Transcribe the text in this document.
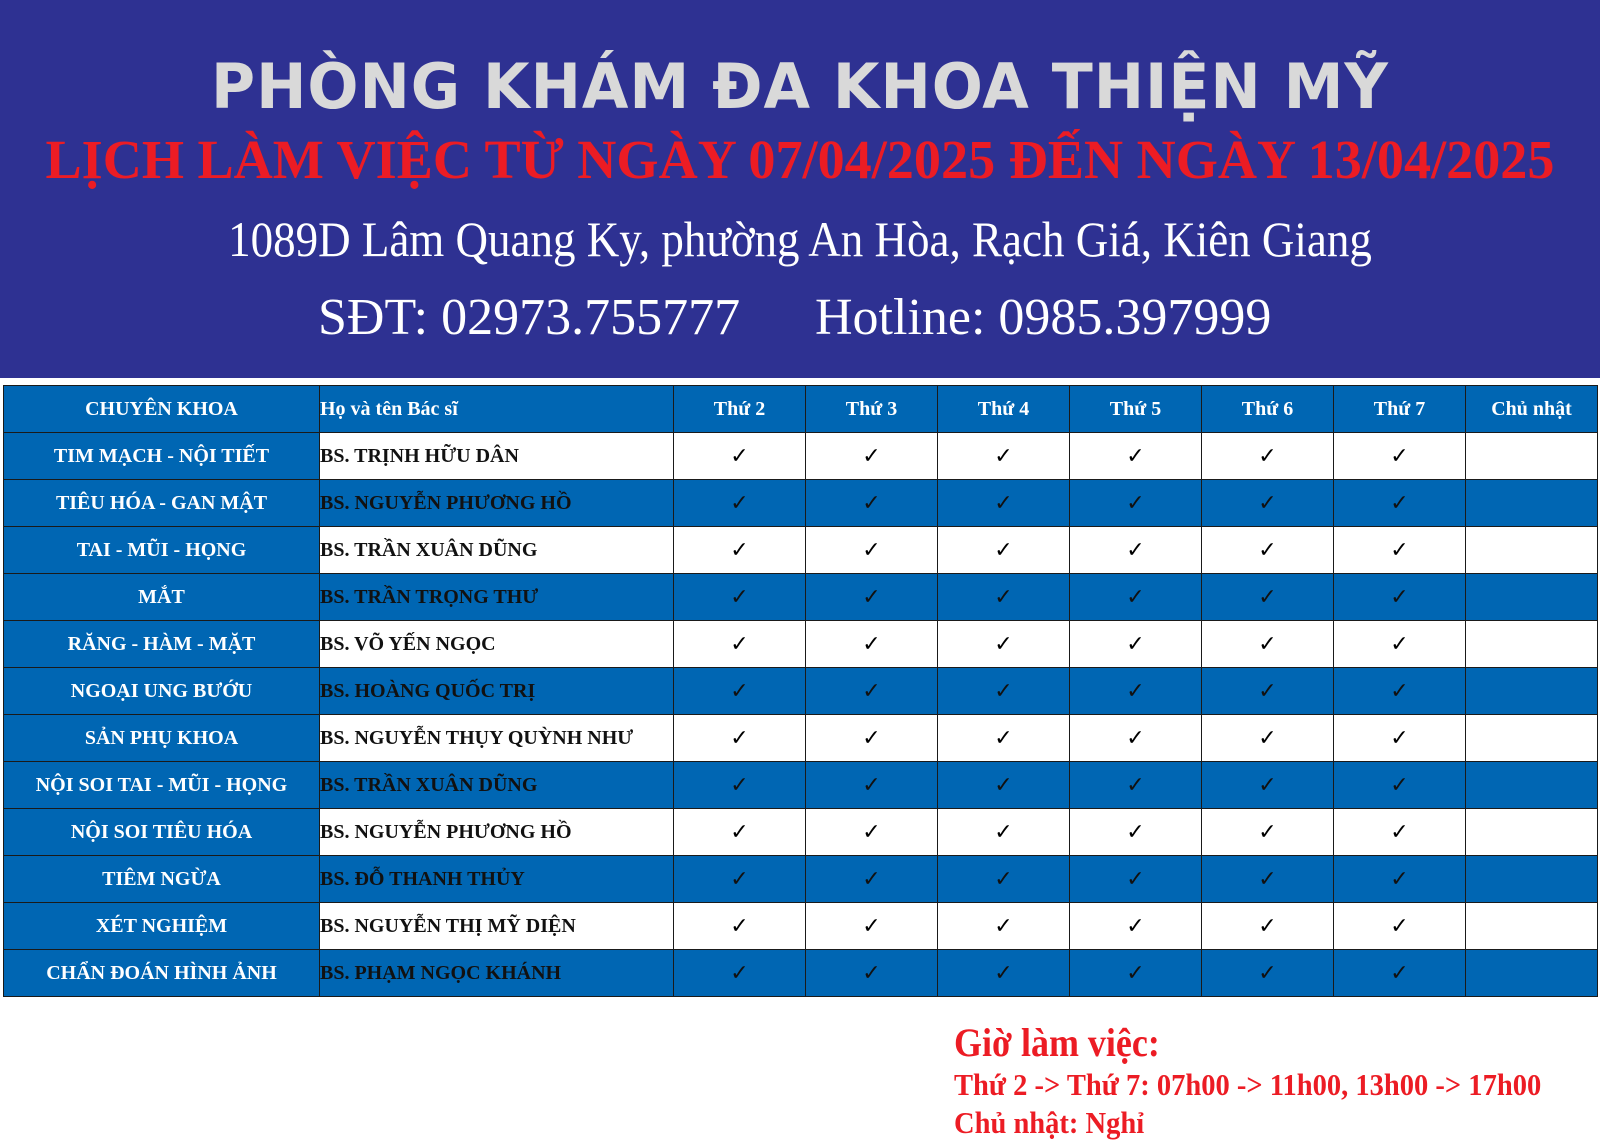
PHÒNG KHÁM ĐA KHOA THIỆN MỸ
LỊCH LÀM VIỆC TỪ NGÀY 07/04/2025 ĐẾN NGÀY 13/04/2025
1089D Lâm Quang Ky, phường An Hòa, Rạch Giá, Kiên Giang
SĐT: 02973.755777 Hotline: 0985.397999
CHUYÊN KHOA	Họ và tên Bác sĩ	Thứ 2	Thứ 3	Thứ 4	Thứ 5	Thứ 6	Thứ 7	Chủ nhật
TIM MẠCH - NỘI TIẾT	BS. TRỊNH HỮU DÂN	✓	✓	✓	✓	✓	✓	
TIÊU HÓA - GAN MẬT	BS. NGUYỄN PHƯƠNG HỒ	✓	✓	✓	✓	✓	✓	
TAI - MŨI - HỌNG	BS. TRẦN XUÂN DŨNG	✓	✓	✓	✓	✓	✓	
MẮT	BS. TRẦN TRỌNG THƯ	✓	✓	✓	✓	✓	✓	
RĂNG - HÀM - MẶT	BS. VÕ YẾN NGỌC	✓	✓	✓	✓	✓	✓	
NGOẠI UNG BƯỚU	BS. HOÀNG QUỐC TRỊ	✓	✓	✓	✓	✓	✓	
SẢN PHỤ KHOA	BS. NGUYỄN THỤY QUỲNH NHƯ	✓	✓	✓	✓	✓	✓	
NỘI SOI TAI - MŨI - HỌNG	BS. TRẦN XUÂN DŨNG	✓	✓	✓	✓	✓	✓	
NỘI SOI TIÊU HÓA	BS. NGUYỄN PHƯƠNG HỒ	✓	✓	✓	✓	✓	✓	
TIÊM NGỪA	BS. ĐỖ THANH THỦY	✓	✓	✓	✓	✓	✓	
XÉT NGHIỆM	BS. NGUYỄN THỊ MỸ DIỆN	✓	✓	✓	✓	✓	✓	
CHẨN ĐOÁN HÌNH ẢNH	BS. PHẠM NGỌC KHÁNH	✓	✓	✓	✓	✓	✓	
Giờ làm việc:
Thứ 2 -> Thứ 7: 07h00 -> 11h00, 13h00 -> 17h00
Chủ nhật: Nghỉ
